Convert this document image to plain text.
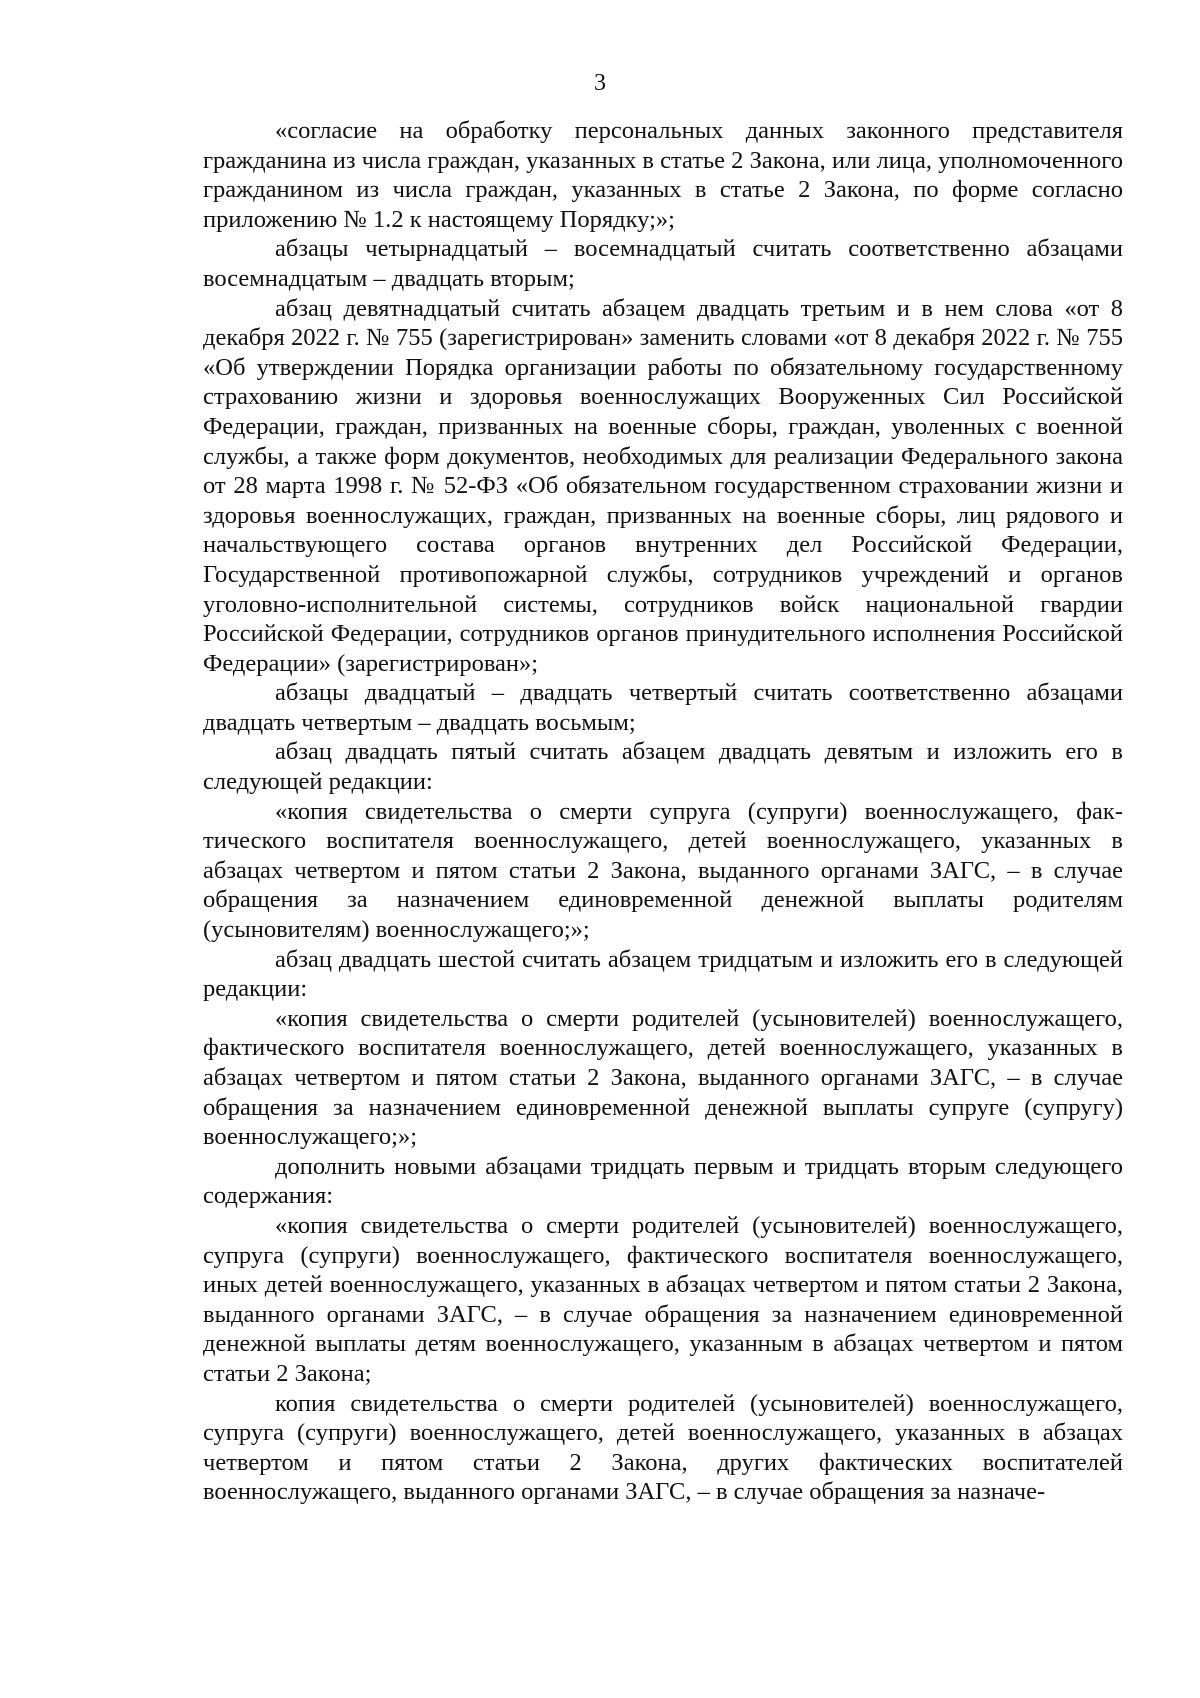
3

«согласие на обработку персональных данных законного представителя гражданина из числа граждан, указанных в статье 2 Закона, или лица, уполномоченного гражданином из числа граждан, указанных в статье 2 Закона, по форме согласно приложению № 1.2 к настоящему Порядку;»;

абзацы четырнадцатый – восемнадцатый считать соответственно абзацами восемнадцатым – двадцать вторым;

абзац девятнадцатый считать абзацем двадцать третьим и в нем слова «от 8 декабря 2022 г. № 755 (зарегистрирован» заменить словами «от 8 декабря 2022 г. № 755 «Об утверждении Порядка организации работы по обязательному государственному страхованию жизни и здоровья военнослужащих Вооруженных Сил Российской Федерации, граждан, призванных на военные сборы, граждан, уволенных с военной службы, а также форм документов, необходимых для реализации Федерального закона от 28 марта 1998 г. № 52-ФЗ «Об обязательном государственном страховании жизни и здоровья военнослужащих, граждан, призванных на военные сборы, лиц рядового и начальствующего состава органов внутренних дел Российской Федерации, Государственной противопожарной службы, сотрудников учреждений и органов уголовно-исполнительной системы, сотрудников войск национальной гвардии Российской Федерации, сотрудников органов принудительного исполнения Российской Федерации» (зарегистрирован»;

абзацы двадцатый – двадцать четвертый считать соответственно абзацами двадцать четвертым – двадцать восьмым;

абзац двадцать пятый считать абзацем двадцать девятым и изложить его в следующей редакции:

«копия свидетельства о смерти супруга (супруги) военнослужащего, фактического воспитателя военнослужащего, детей военнослужащего, указанных в абзацах четвертом и пятом статьи 2 Закона, выданного органами ЗАГС, – в случае обращения за назначением единовременной денежной выплаты родителям (усыновителям) военнослужащего;»;

абзац двадцать шестой считать абзацем тридцатым и изложить его в следующей редакции:

«копия свидетельства о смерти родителей (усыновителей) военнослужащего, фактического воспитателя военнослужащего, детей военнослужащего, указанных в абзацах четвертом и пятом статьи 2 Закона, выданного органами ЗАГС, – в случае обращения за назначением единовременной денежной выплаты супруге (супругу) военнослужащего;»;

дополнить новыми абзацами тридцать первым и тридцать вторым следующего содержания:

«копия свидетельства о смерти родителей (усыновителей) военнослужащего, супруга (супруги) военнослужащего, фактического воспитателя военнослужащего, иных детей военнослужащего, указанных в абзацах четвертом и пятом статьи 2 Закона, выданного органами ЗАГС, – в случае обращения за назначением единовременной денежной выплаты детям военнослужащего, указанным в абзацах четвертом и пятом статьи 2 Закона;

копия свидетельства о смерти родителей (усыновителей) военнослужащего, супруга (супруги) военнослужащего, детей военнослужащего, указанных в абзацах четвертом и пятом статьи 2 Закона, других фактических воспитателей военнослужащего, выданного органами ЗАГС, – в случае обращения за назначе-
